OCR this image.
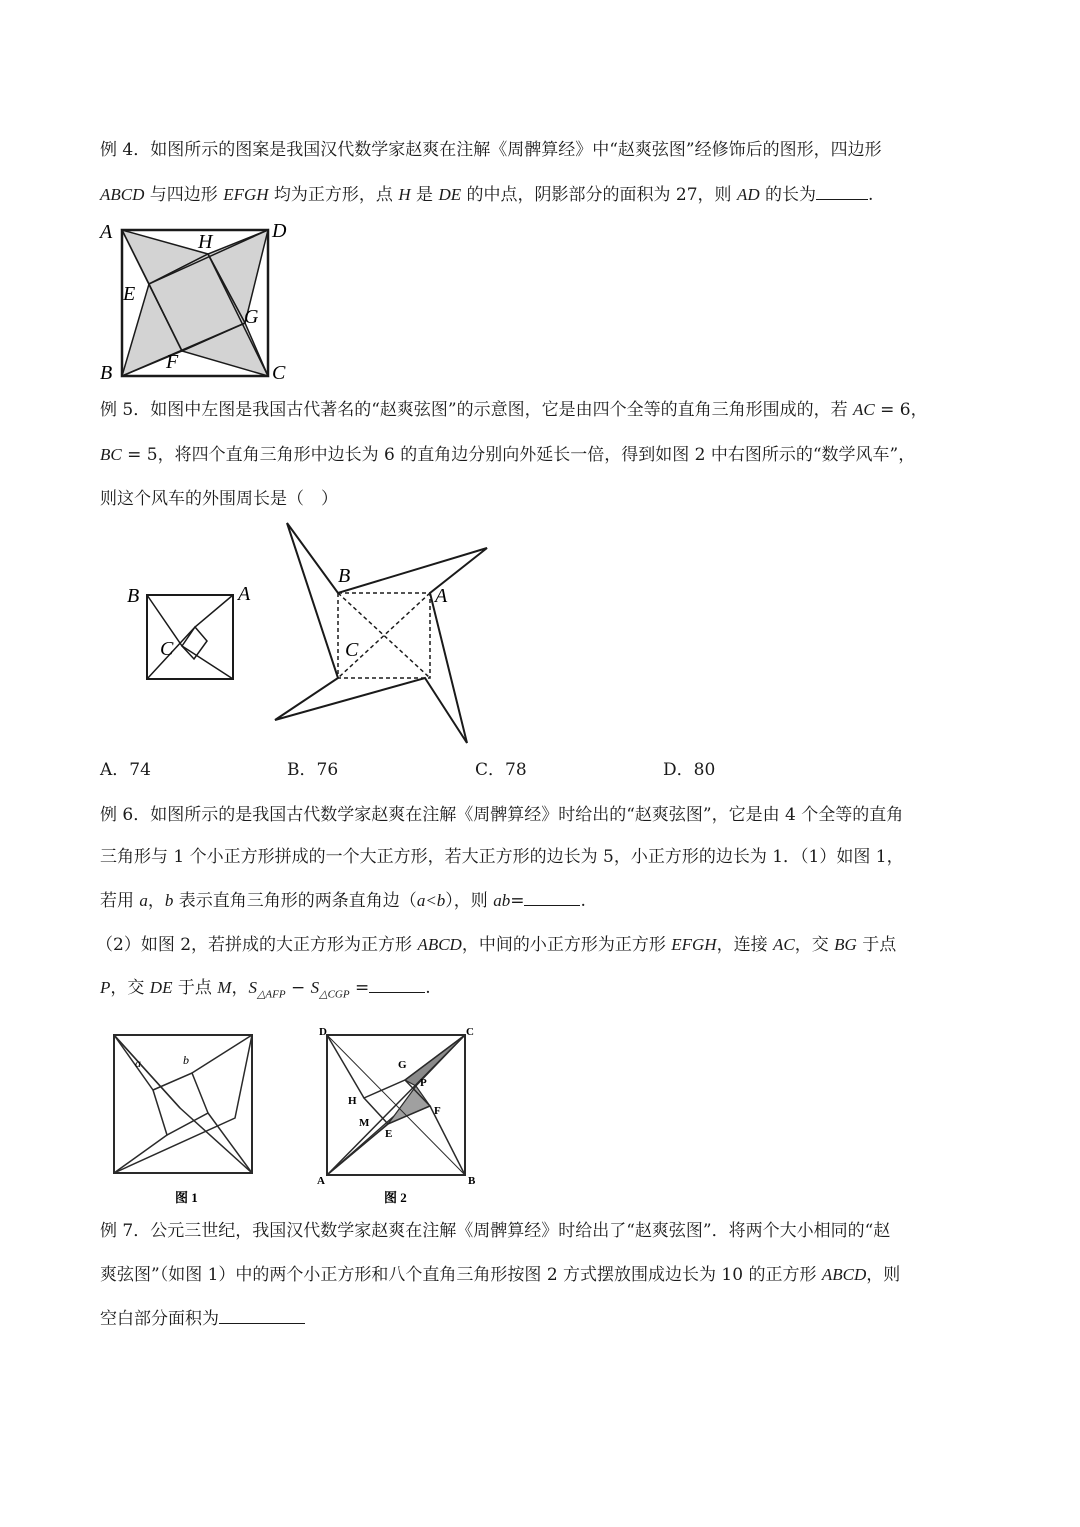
例 4．如图所示的图案是我国汉代数学家赵爽在注解《周髀算经》中“赵爽弦图”经修饰后的图形，四边形
ABCD 与四边形 EFGH 均为正方形，点 H 是 DE 的中点，阴影部分的面积为 27，则 AD 的长为	.
A	D
B	C
H
E
G
F
例 5．如图中左图是我国古代著名的“赵爽弦图”的示意图，它是由四个全等的直角三角形围成的，若 AC = 6，
BC = 5，将四个直角三角形中边长为 6 的直角边分别向外延长一倍，得到如图 2 中右图所示的“数学风车”，
则这个风车的外围周长是（　）
B	A
C
B
A
C
A．74	B．76	C．78	D．80
例 6．如图所示的是我国古代数学家赵爽在注解《周髀算经》时给出的“赵爽弦图”，它是由 4 个全等的直角
三角形与 1 个小正方形拼成的一个大正方形，若大正方形的边长为 5，小正方形的边长为 1．（1）如图 1，
若用 a，b 表示直角三角形的两条直角边（a<b），则 ab=	.
（2）如图 2，若拼成的大正方形为正方形 ABCD，中间的小正方形为正方形 EFGH，连接 AC，交 BG 于点
P，交 DE 于点 M，$S_{\triangle AFP} - S_{\triangle CGP}$ =	.
a	b
图 1
D	C
A	B
G
P
H
F
M
E
图 2
例 7．公元三世纪，我国汉代数学家赵爽在注解《周髀算经》时给出了“赵爽弦图”．将两个大小相同的“赵
爽弦图”（如图 1）中的两个小正方形和八个直角三角形按图 2 方式摆放围成边长为 10 的正方形 ABCD，则
空白部分面积为
